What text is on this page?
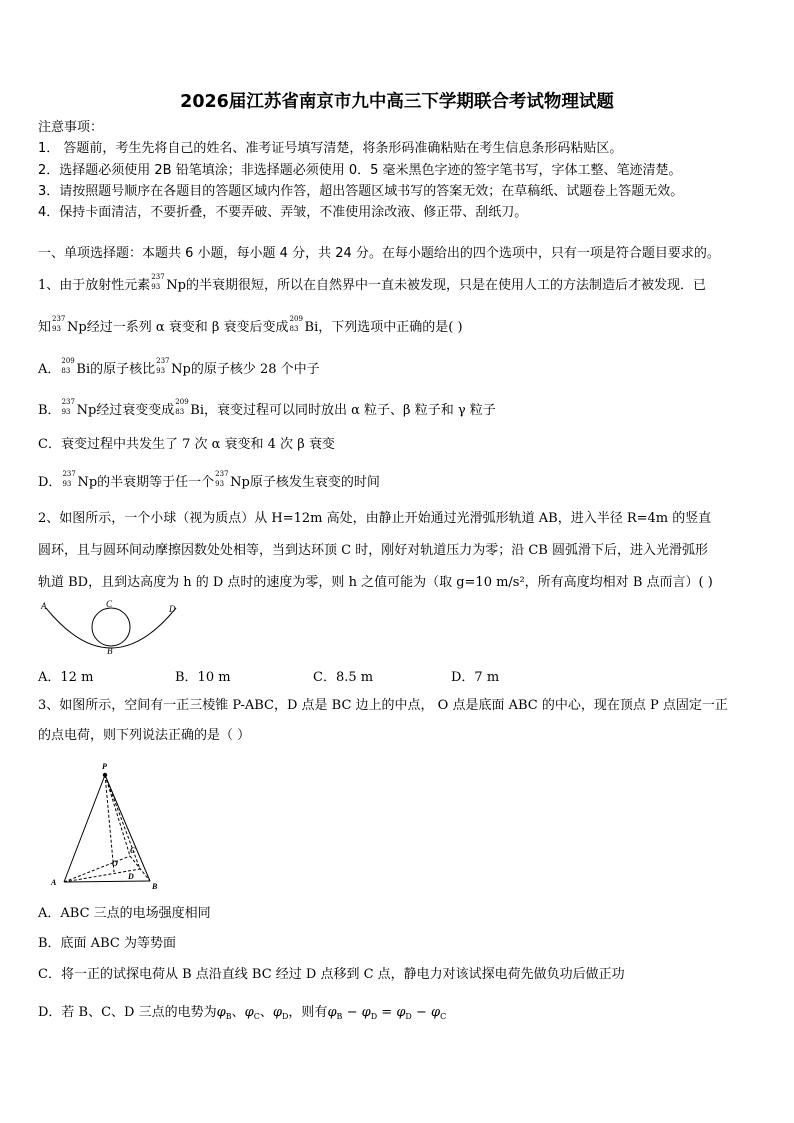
2026届江苏省南京市九中高三下学期联合考试物理试题
注意事项：
1． 答题前，考生先将自己的姓名、准考证号填写清楚，将条形码准确粘贴在考生信息条形码粘贴区。
2．选择题必须使用 2B 铅笔填涂；非选择题必须使用 0．5 毫米黑色字迹的签字笔书写，字体工整、笔迹清楚。
3．请按照题号顺序在各题目的答题区域内作答，超出答题区域书写的答案无效；在草稿纸、试题卷上答题无效。
4．保持卡面清洁，不要折叠，不要弄破、弄皱，不准使用涂改液、修正带、刮纸刀。
一、单项选择题：本题共 6 小题，每小题 4 分，共 24 分。在每小题给出的四个选项中，只有一项是符合题目要求的。
1、由于放射性元素
237
93 Np的半衰期很短，所以在自然界中一直未被发现，只是在使用人工的方法制造后才被发现．已
知
237
93 Np经过一系列 α 衰变和 β 衰变后变成
209
83 Bi，下列选项中正确的是( )
A．
209
83 Bi的原子核比
237
93 Np的原子核少 28 个中子
B．
237
93 Np经过衰变变成
209
83 Bi，衰变过程可以同时放出 α 粒子、β 粒子和 γ 粒子
C．衰变过程中共发生了 7 次 α 衰变和 4 次 β 衰变
D．
237
93 Np的半衰期等于任一个
237
93 Np原子核发生衰变的时间
2、如图所示，一个小球（视为质点）从 H=12m 高处，由静止开始通过光滑弧形轨道 AB，进入半径 R=4m 的竖直
圆环，且与圆环间动摩擦因数处处相等，当到达环顶 C 时，刚好对轨道压力为零；沿 CB 圆弧滑下后，进入光滑弧形
轨道 BD，且到达高度为 h 的 D 点时的速度为零，则 h 之值可能为（取 g=10 m/s²，所有高度均相对 B 点而言）( )
A	C	D
B
A．12 m	B．10 m	C．8.5 m	D．7 m
3、如图所示，空间有一正三棱锥 P-ABC，D 点是 BC 边上的中点， O 点是底面 ABC 的中心，现在顶点 P 点固定一正
的点电荷，则下列说法正确的是（ ）
P
A	B
C
O
D
A．ABC 三点的电场强度相同
B．底面 ABC 为等势面
C．将一正的试探电荷从 B 点沿直线 BC 经过 D 点移到 C 点，静电力对该试探电荷先做负功后做正功
D．若 B、C、D 三点的电势为$\varphi_B$、$\varphi_C$、$\varphi_D$，则有$\varphi_B - \varphi_D = \varphi_D - \varphi_C$
